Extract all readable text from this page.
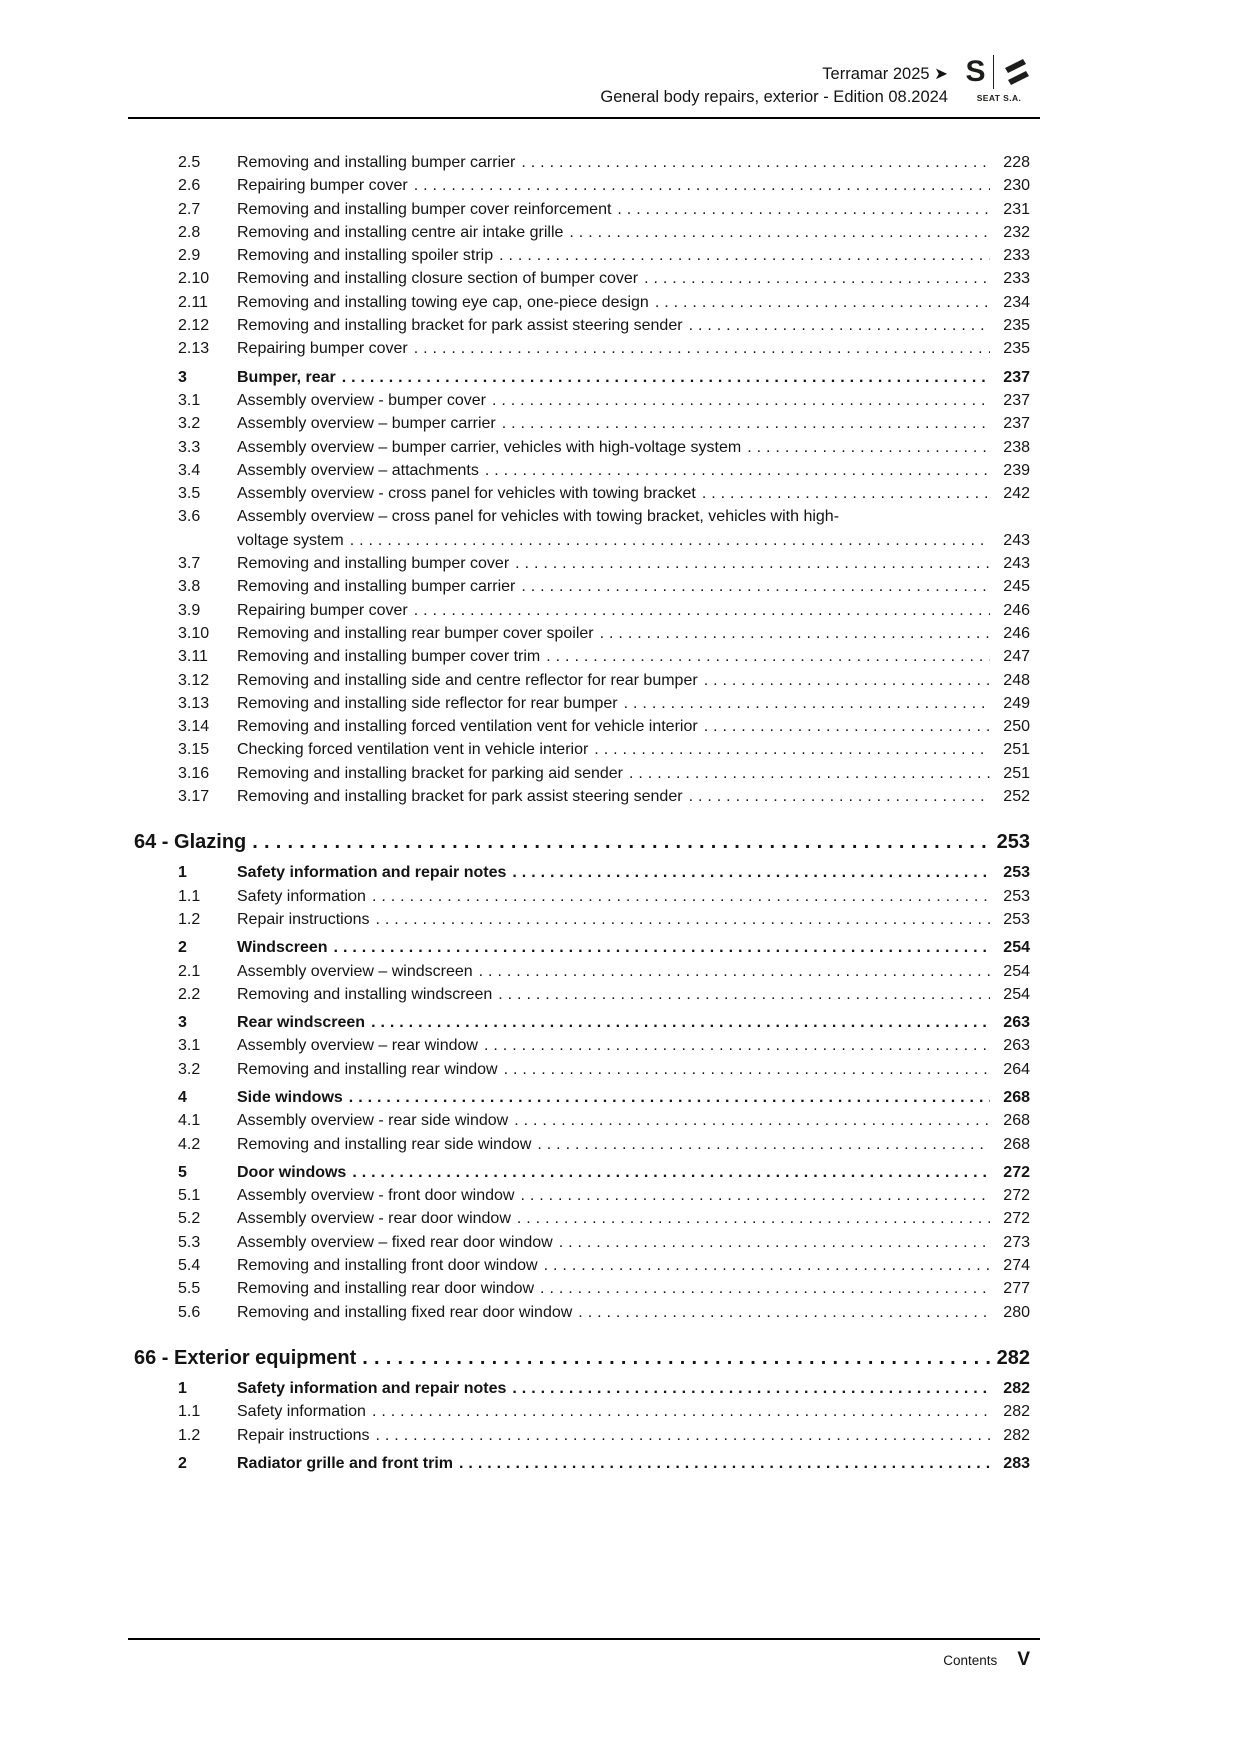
Terramar 2025 ➤
General body repairs, exterior - Edition 08.2024
S
SEAT S.A.
2.5	Removing and installing bumper carrier .....	228
2.6	Repairing bumper cover .....	230
2.7	Removing and installing bumper cover reinforcement .....	231
2.8	Removing and installing centre air intake grille .....	232
2.9	Removing and installing spoiler strip .....	233
2.10	Removing and installing closure section of bumper cover .....	233
2.11	Removing and installing towing eye cap, one-piece design .....	234
2.12	Removing and installing bracket for park assist steering sender .....	235
2.13	Repairing bumper cover .....	235
3	Bumper, rear .....	237
3.1	Assembly overview - bumper cover .....	237
3.2	Assembly overview – bumper carrier .....	237
3.3	Assembly overview – bumper carrier, vehicles with high-voltage system .....	238
3.4	Assembly overview – attachments .....	239
3.5	Assembly overview - cross panel for vehicles with towing bracket .....	242
3.6	Assembly overview – cross panel for vehicles with towing bracket, vehicles with high-
voltage system .....	243
3.7	Removing and installing bumper cover .....	243
3.8	Removing and installing bumper carrier .....	245
3.9	Repairing bumper cover .....	246
3.10	Removing and installing rear bumper cover spoiler .....	246
3.11	Removing and installing bumper cover trim .....	247
3.12	Removing and installing side and centre reflector for rear bumper .....	248
3.13	Removing and installing side reflector for rear bumper .....	249
3.14	Removing and installing forced ventilation vent for vehicle interior .....	250
3.15	Checking forced ventilation vent in vehicle interior .....	251
3.16	Removing and installing bracket for parking aid sender .....	251
3.17	Removing and installing bracket for park assist steering sender .....	252
64 - Glazing .....	253
1	Safety information and repair notes .....	253
1.1	Safety information .....	253
1.2	Repair instructions .....	253
2	Windscreen .....	254
2.1	Assembly overview – windscreen .....	254
2.2	Removing and installing windscreen .....	254
3	Rear windscreen .....	263
3.1	Assembly overview – rear window .....	263
3.2	Removing and installing rear window .....	264
4	Side windows .....	268
4.1	Assembly overview - rear side window .....	268
4.2	Removing and installing rear side window .....	268
5	Door windows .....	272
5.1	Assembly overview - front door window .....	272
5.2	Assembly overview - rear door window .....	272
5.3	Assembly overview – fixed rear door window .....	273
5.4	Removing and installing front door window .....	274
5.5	Removing and installing rear door window .....	277
5.6	Removing and installing fixed rear door window .....	280
66 - Exterior equipment .....	282
1	Safety information and repair notes .....	282
1.1	Safety information .....	282
1.2	Repair instructions .....	282
2	Radiator grille and front trim .....	283
Contents V
